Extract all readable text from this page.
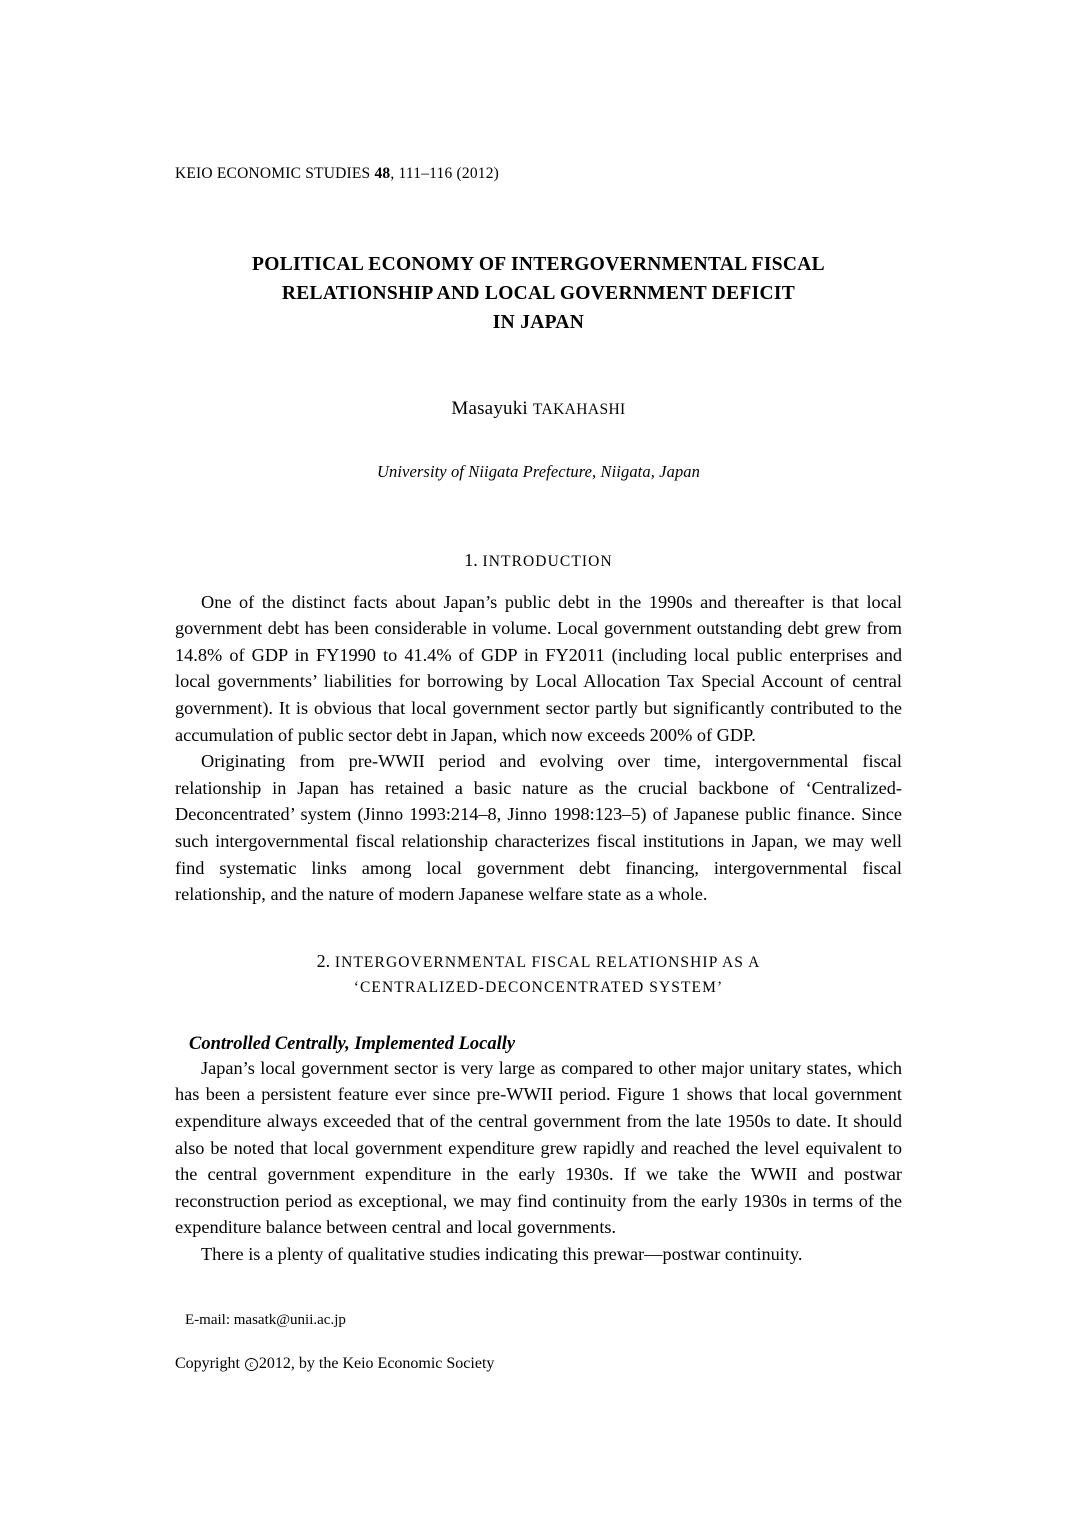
KEIO ECONOMIC STUDIES 48, 111–116 (2012)
POLITICAL ECONOMY OF INTERGOVERNMENTAL FISCAL
RELATIONSHIP AND LOCAL GOVERNMENT DEFICIT
IN JAPAN
Masayuki TAKAHASHI
University of Niigata Prefecture, Niigata, Japan
1. INTRODUCTION

One of the distinct facts about Japan’s public debt in the 1990s and thereafter is that local government debt has been considerable in volume. Local government outstanding debt grew from 14.8% of GDP in FY1990 to 41.4% of GDP in FY2011 (including local public enterprises and local governments’ liabilities for borrowing by Local Allocation Tax Special Account of central government). It is obvious that local government sector partly but significantly contributed to the accumulation of public sector debt in Japan, which now exceeds 200% of GDP.

Originating from pre-WWII period and evolving over time, intergovernmental fiscal relationship in Japan has retained a basic nature as the crucial backbone of ‘Centralized-Deconcentrated’ system (Jinno 1993:214–8, Jinno 1998:123–5) of Japanese public finance. Since such intergovernmental fiscal relationship characterizes fiscal institutions in Japan, we may well find systematic links among local government debt financing, intergovernmental fiscal relationship, and the nature of modern Japanese welfare state as a whole.

2. INTERGOVERNMENTAL FISCAL RELATIONSHIP AS A
‘CENTRALIZED-DECONCENTRATED SYSTEM’
Controlled Centrally, Implemented Locally

Japan’s local government sector is very large as compared to other major unitary states, which has been a persistent feature ever since pre-WWII period. Figure 1 shows that local government expenditure always exceeded that of the central government from the late 1950s to date. It should also be noted that local government expenditure grew rapidly and reached the level equivalent to the central government expenditure in the early 1930s. If we take the WWII and postwar reconstruction period as exceptional, we may find continuity from the early 1930s in terms of the expenditure balance between central and local governments.

There is a plenty of qualitative studies indicating this prewar—postwar continuity.

E-mail: masatk@unii.ac.jp
Copyright c 2012, by the Keio Economic Society
